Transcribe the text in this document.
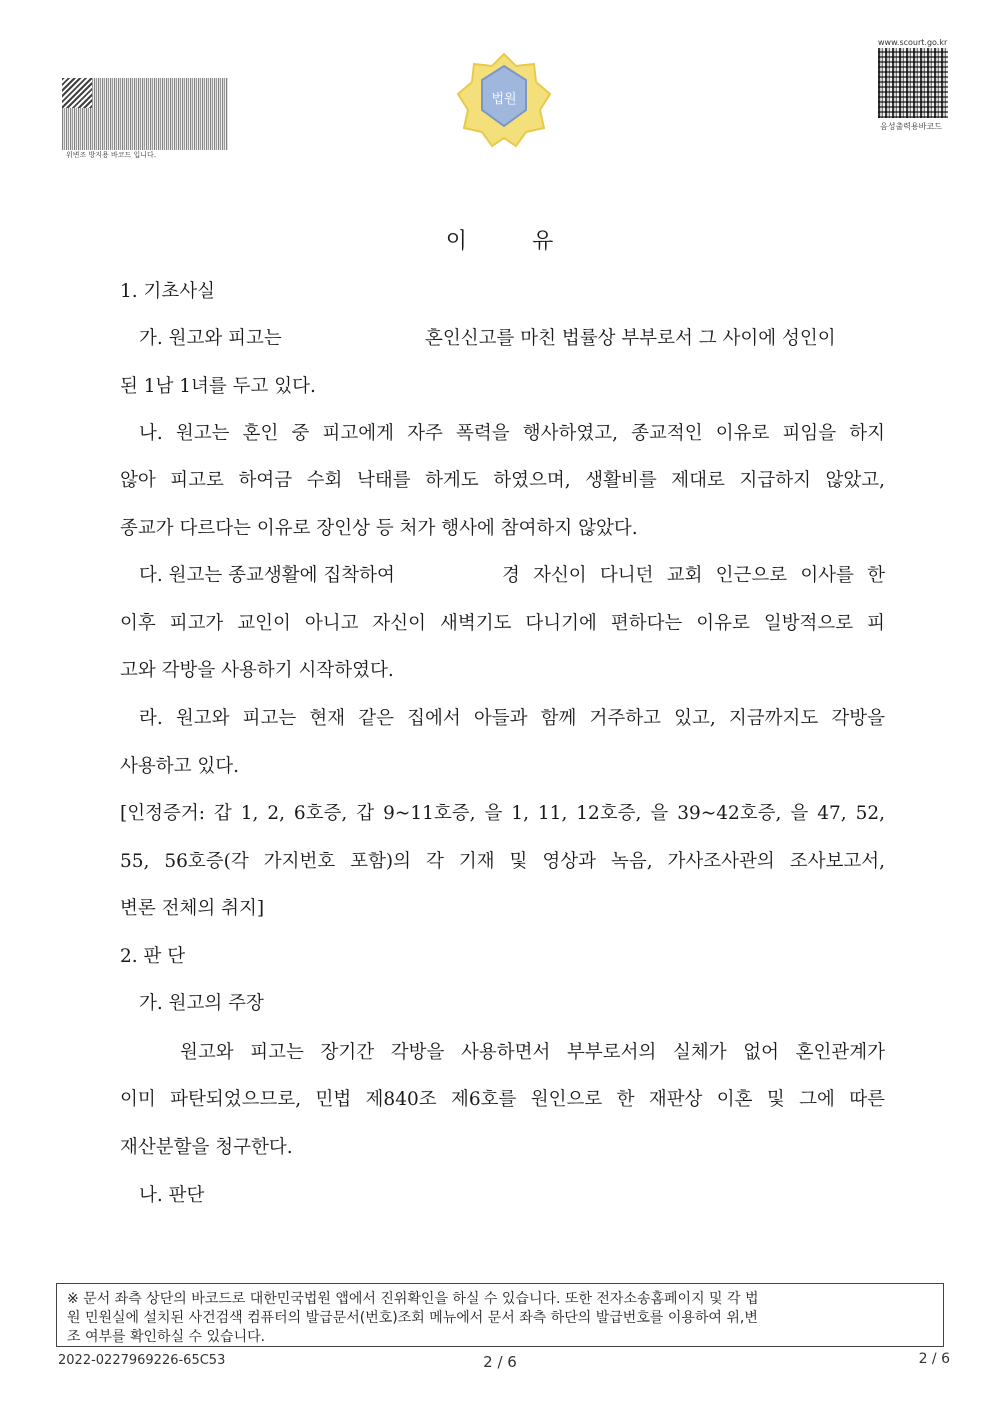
위변조 방지용 바코드 입니다.
법원
www.scourt.go.kr
음성출력용바코드
이	유
1. 기초사실
가. 원고와 피고는	혼인신고를 마친 법률상 부부로서 그 사이에 성인이
된 1남 1녀를 두고 있다.
나. 원고는 혼인 중 피고에게 자주 폭력을 행사하였고, 종교적인 이유로 피임을 하지
않아 피고로 하여금 수회 낙태를 하게도 하였으며, 생활비를 제대로 지급하지 않았고,
종교가 다르다는 이유로 장인상 등 처가 행사에 참여하지 않았다.
다. 원고는 종교생활에 집착하여	경 자신이 다니던 교회 인근으로 이사를 한
이후 피고가 교인이 아니고 자신이 새벽기도 다니기에 편하다는 이유로 일방적으로 피
고와 각방을 사용하기 시작하였다.
라. 원고와 피고는 현재 같은 집에서 아들과 함께 거주하고 있고, 지금까지도 각방을
사용하고 있다.
[인정증거: 갑 1, 2, 6호증, 갑 9~11호증, 을 1, 11, 12호증, 을 39~42호증, 을 47, 52,
55, 56호증(각 가지번호 포함)의 각 기재 및 영상과 녹음, 가사조사관의 조사보고서,
변론 전체의 취지]
2. 판 단
가. 원고의 주장
원고와 피고는 장기간 각방을 사용하면서 부부로서의 실체가 없어 혼인관계가
이미 파탄되었으므로, 민법 제840조 제6호를 원인으로 한 재판상 이혼 및 그에 따른
재산분할을 청구한다.
나. 판단
※ 문서 좌측 상단의 바코드로 대한민국법원 앱에서 진위확인을 하실 수 있습니다. 또한 전자소송홈페이지 및 각 법
원 민원실에 설치된 사건검색 컴퓨터의 발급문서(번호)조회 메뉴에서 문서 좌측 하단의 발급번호를 이용하여 위,변
조 여부를 확인하실 수 있습니다.
2022-0227969226-65C53	2 / 6	2 / 6
